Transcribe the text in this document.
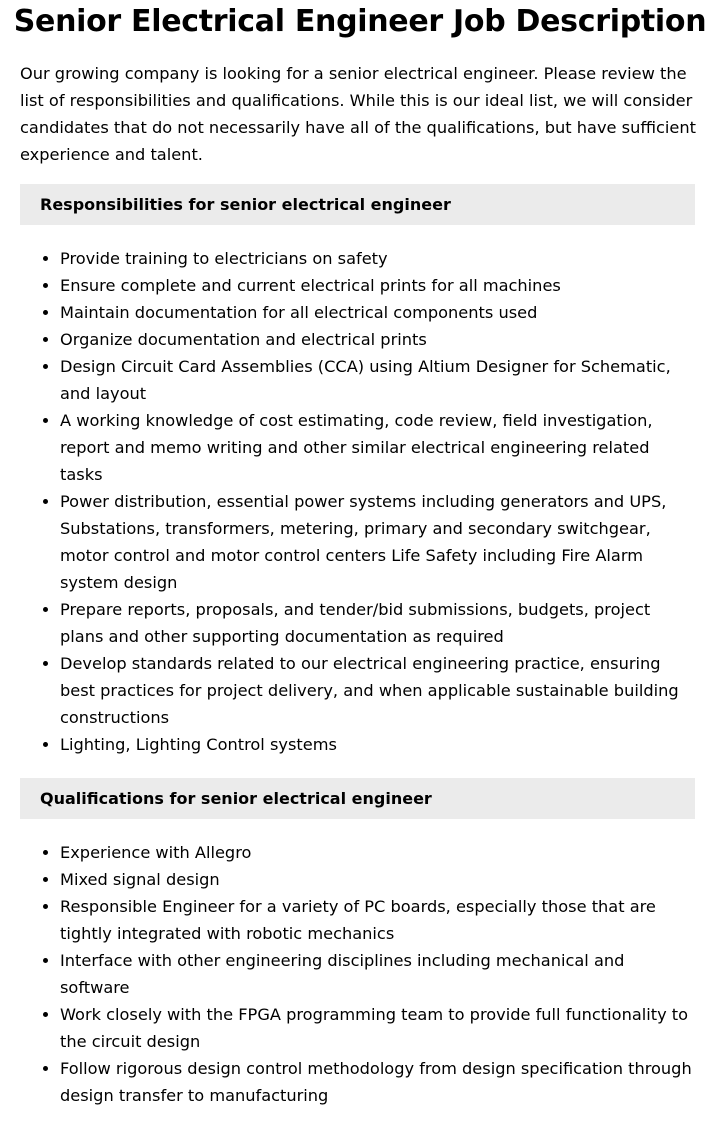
Senior Electrical Engineer Job Description

Our growing company is looking for a senior electrical engineer. Please review the list of responsibilities and qualifications. While this is our ideal list, we will consider candidates that do not necessarily have all of the qualifications, but have sufficient experience and talent.

Responsibilities for senior electrical engineer
• Provide training to electricians on safety
• Ensure complete and current electrical prints for all machines
• Maintain documentation for all electrical components used
• Organize documentation and electrical prints
• Design Circuit Card Assemblies (CCA) using Altium Designer for Schematic, and layout
• A working knowledge of cost estimating, code review, field investigation, report and memo writing and other similar electrical engineering related tasks
• Power distribution, essential power systems including generators and UPS, Substations, transformers, metering, primary and secondary switchgear, motor control and motor control centers Life Safety including Fire Alarm system design
• Prepare reports, proposals, and tender/bid submissions, budgets, project plans and other supporting documentation as required
• Develop standards related to our electrical engineering practice, ensuring best practices for project delivery, and when applicable sustainable building constructions
• Lighting, Lighting Control systems
Qualifications for senior electrical engineer
• Experience with Allegro
• Mixed signal design
• Responsible Engineer for a variety of PC boards, especially those that are tightly integrated with robotic mechanics
• Interface with other engineering disciplines including mechanical and software
• Work closely with the FPGA programming team to provide full functionality to the circuit design
• Follow rigorous design control methodology from design specification through design transfer to manufacturing
